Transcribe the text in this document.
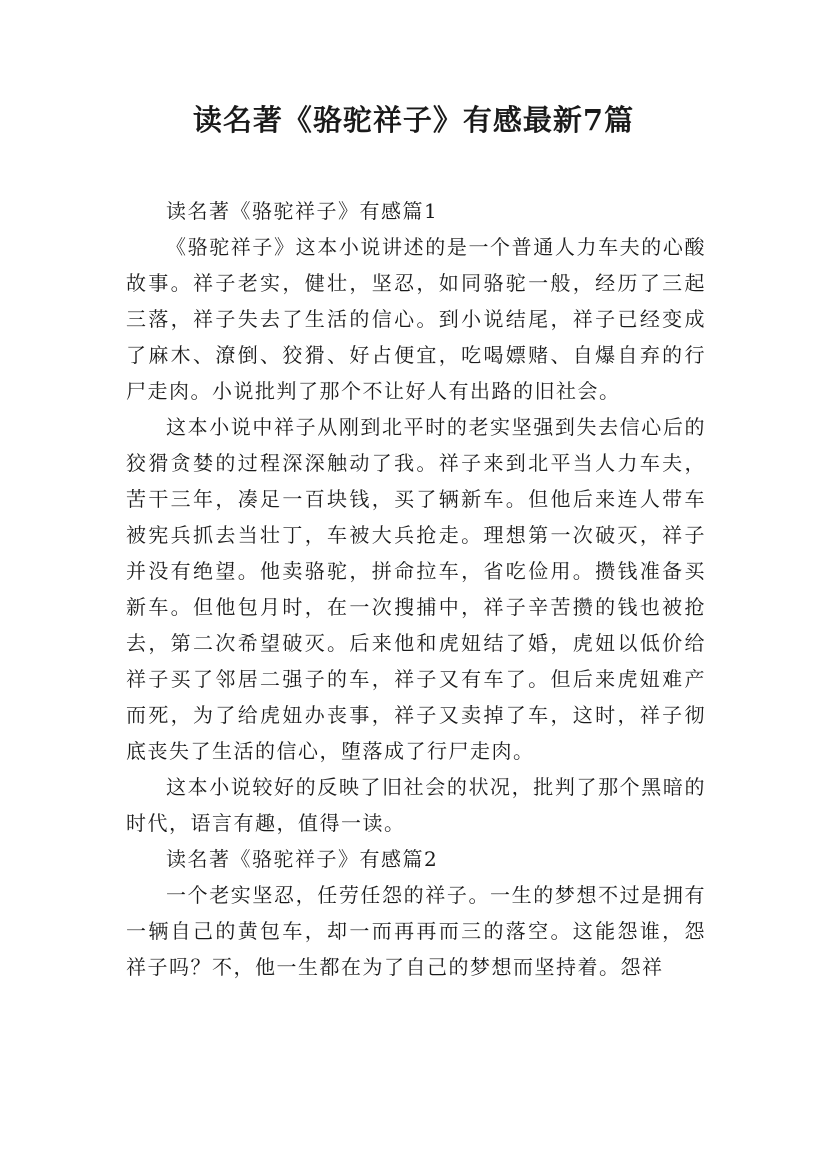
读名著《骆驼祥子》有感最新7篇

读名著《骆驼祥子》有感篇1

《骆驼祥子》这本小说讲述的是一个普通人力车夫的心酸故事。祥子老实，健壮，坚忍，如同骆驼一般，经历了三起三落，祥子失去了生活的信心。到小说结尾，祥子已经变成了麻木、潦倒、狡猾、好占便宜，吃喝嫖赌、自爆自弃的行尸走肉。小说批判了那个不让好人有出路的旧社会。

这本小说中祥子从刚到北平时的老实坚强到失去信心后的狡猾贪婪的过程深深触动了我。祥子来到北平当人力车夫，苦干三年，凑足一百块钱，买了辆新车。但他后来连人带车被宪兵抓去当壮丁，车被大兵抢走。理想第一次破灭，祥子并没有绝望。他卖骆驼，拼命拉车，省吃俭用。攒钱准备买新车。但他包月时，在一次搜捕中，祥子辛苦攒的钱也被抢去，第二次希望破灭。后来他和虎妞结了婚，虎妞以低价给祥子买了邻居二强子的车，祥子又有车了。但后来虎妞难产而死，为了给虎妞办丧事，祥子又卖掉了车，这时，祥子彻底丧失了生活的信心，堕落成了行尸走肉。

这本小说较好的反映了旧社会的状况，批判了那个黑暗的时代，语言有趣，值得一读。

读名著《骆驼祥子》有感篇2

一个老实坚忍，任劳任怨的祥子。一生的梦想不过是拥有一辆自己的黄包车，却一而再再而三的落空。这能怨谁，怨祥子吗？不，他一生都在为了自己的梦想而坚持着。怨祥
